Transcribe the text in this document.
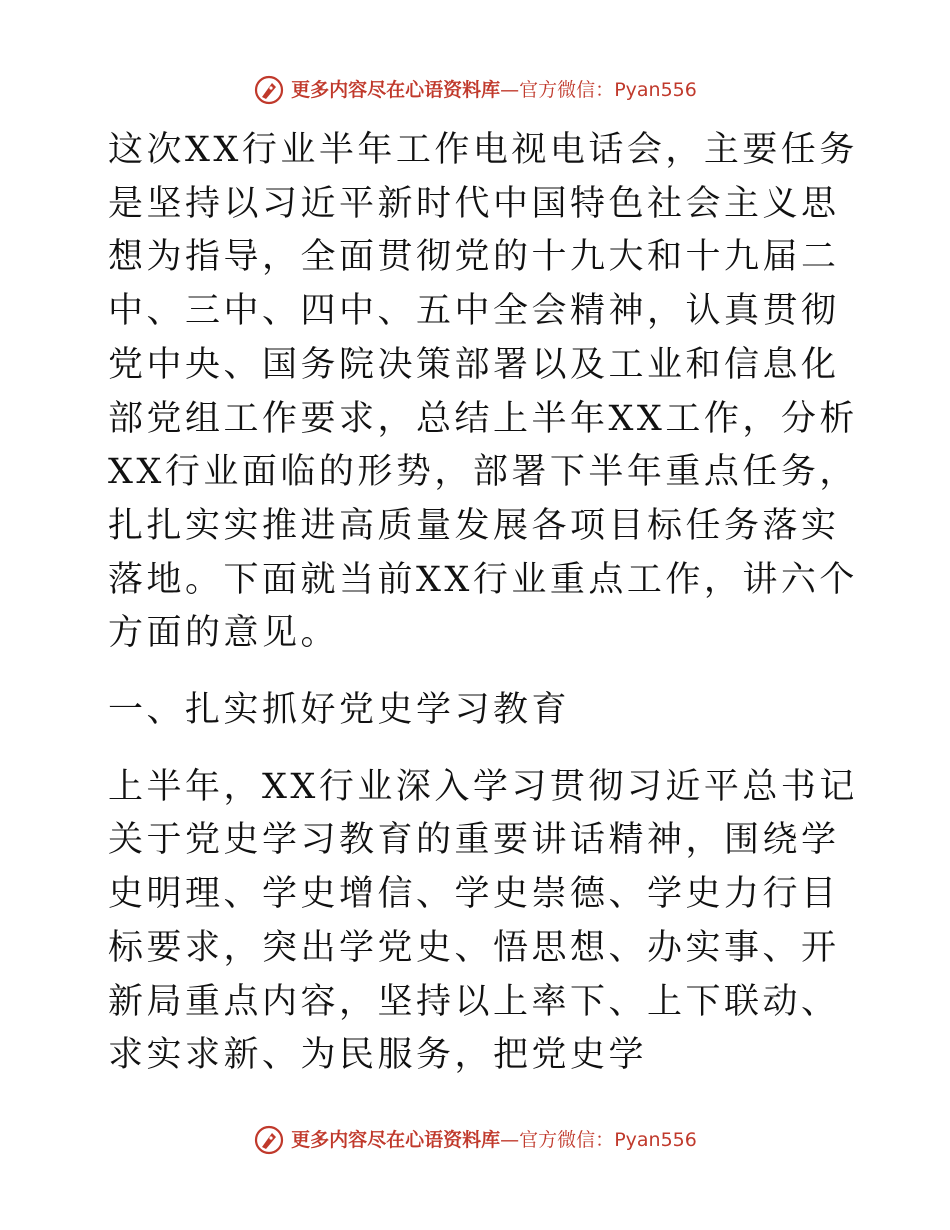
更多内容尽在心语资料库—官方微信：Pyan556

这次XX行业半年工作电视电话会，主要任务是坚持以习近平新时代中国特色社会主义思想为指导，全面贯彻党的十九大和十九届二中、三中、四中、五中全会精神，认真贯彻党中央、国务院决策部署以及工业和信息化部党组工作要求，总结上半年XX工作，分析XX行业面临的形势，部署下半年重点任务，扎扎实实推进高质量发展各项目标任务落实落地。下面就当前XX行业重点工作，讲六个方面的意见。

一、扎实抓好党史学习教育

上半年，XX行业深入学习贯彻习近平总书记关于党史学习教育的重要讲话精神，围绕学史明理、学史增信、学史崇德、学史力行目标要求，突出学党史、悟思想、办实事、开新局重点内容，坚持以上率下、上下联动、求实求新、为民服务，把党史学

更多内容尽在心语资料库—官方微信：Pyan556
